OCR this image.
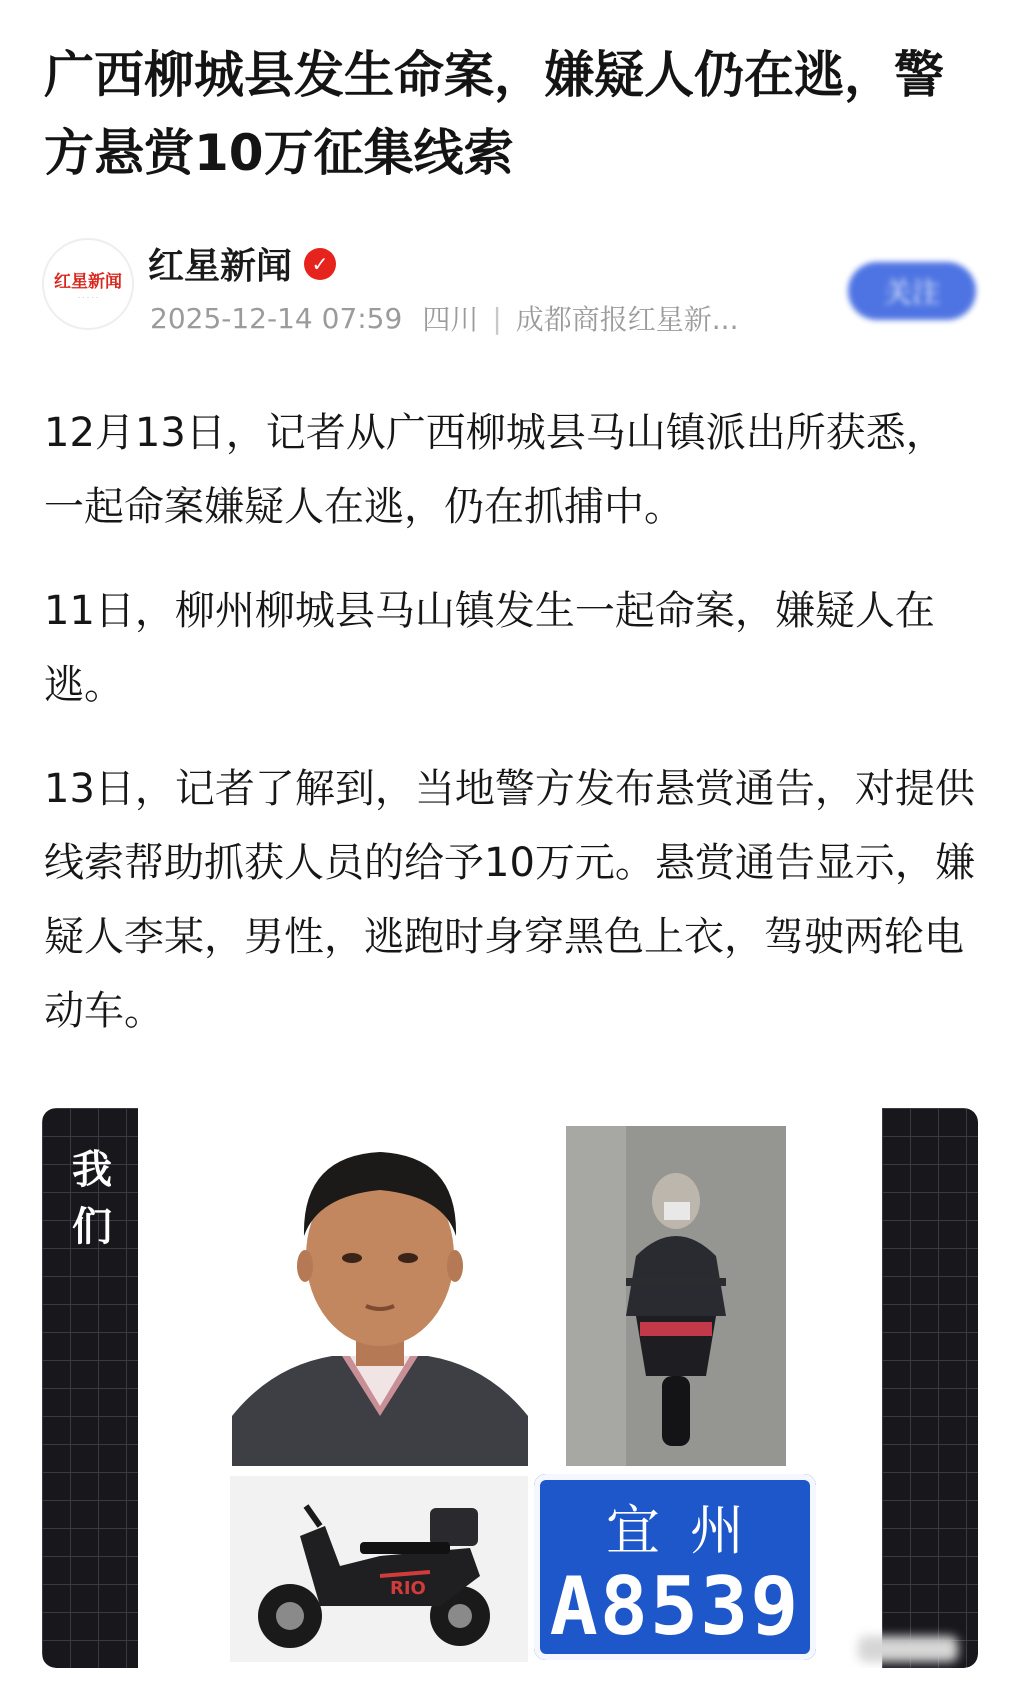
广西柳城县发生命案，嫌疑人仍在逃，警方悬赏10万征集线索
红星新闻
· · · · ·
红星新闻 ✓
2025-12-14 07:59 四川 | 成都商报红星新...
关注

12月13日，记者从广西柳城县马山镇派出所获悉，一起命案嫌疑人在逃，仍在抓捕中。

11日，柳州柳城县马山镇发生一起命案，嫌疑人在逃。

13日，记者了解到，当地警方发布悬赏通告，对提供线索帮助抓获人员的给予10万元。悬赏通告显示，嫌疑人李某，男性，逃跑时身穿黑色上衣，驾驶两轮电动车。

我们
RIO
宜州
A8539
